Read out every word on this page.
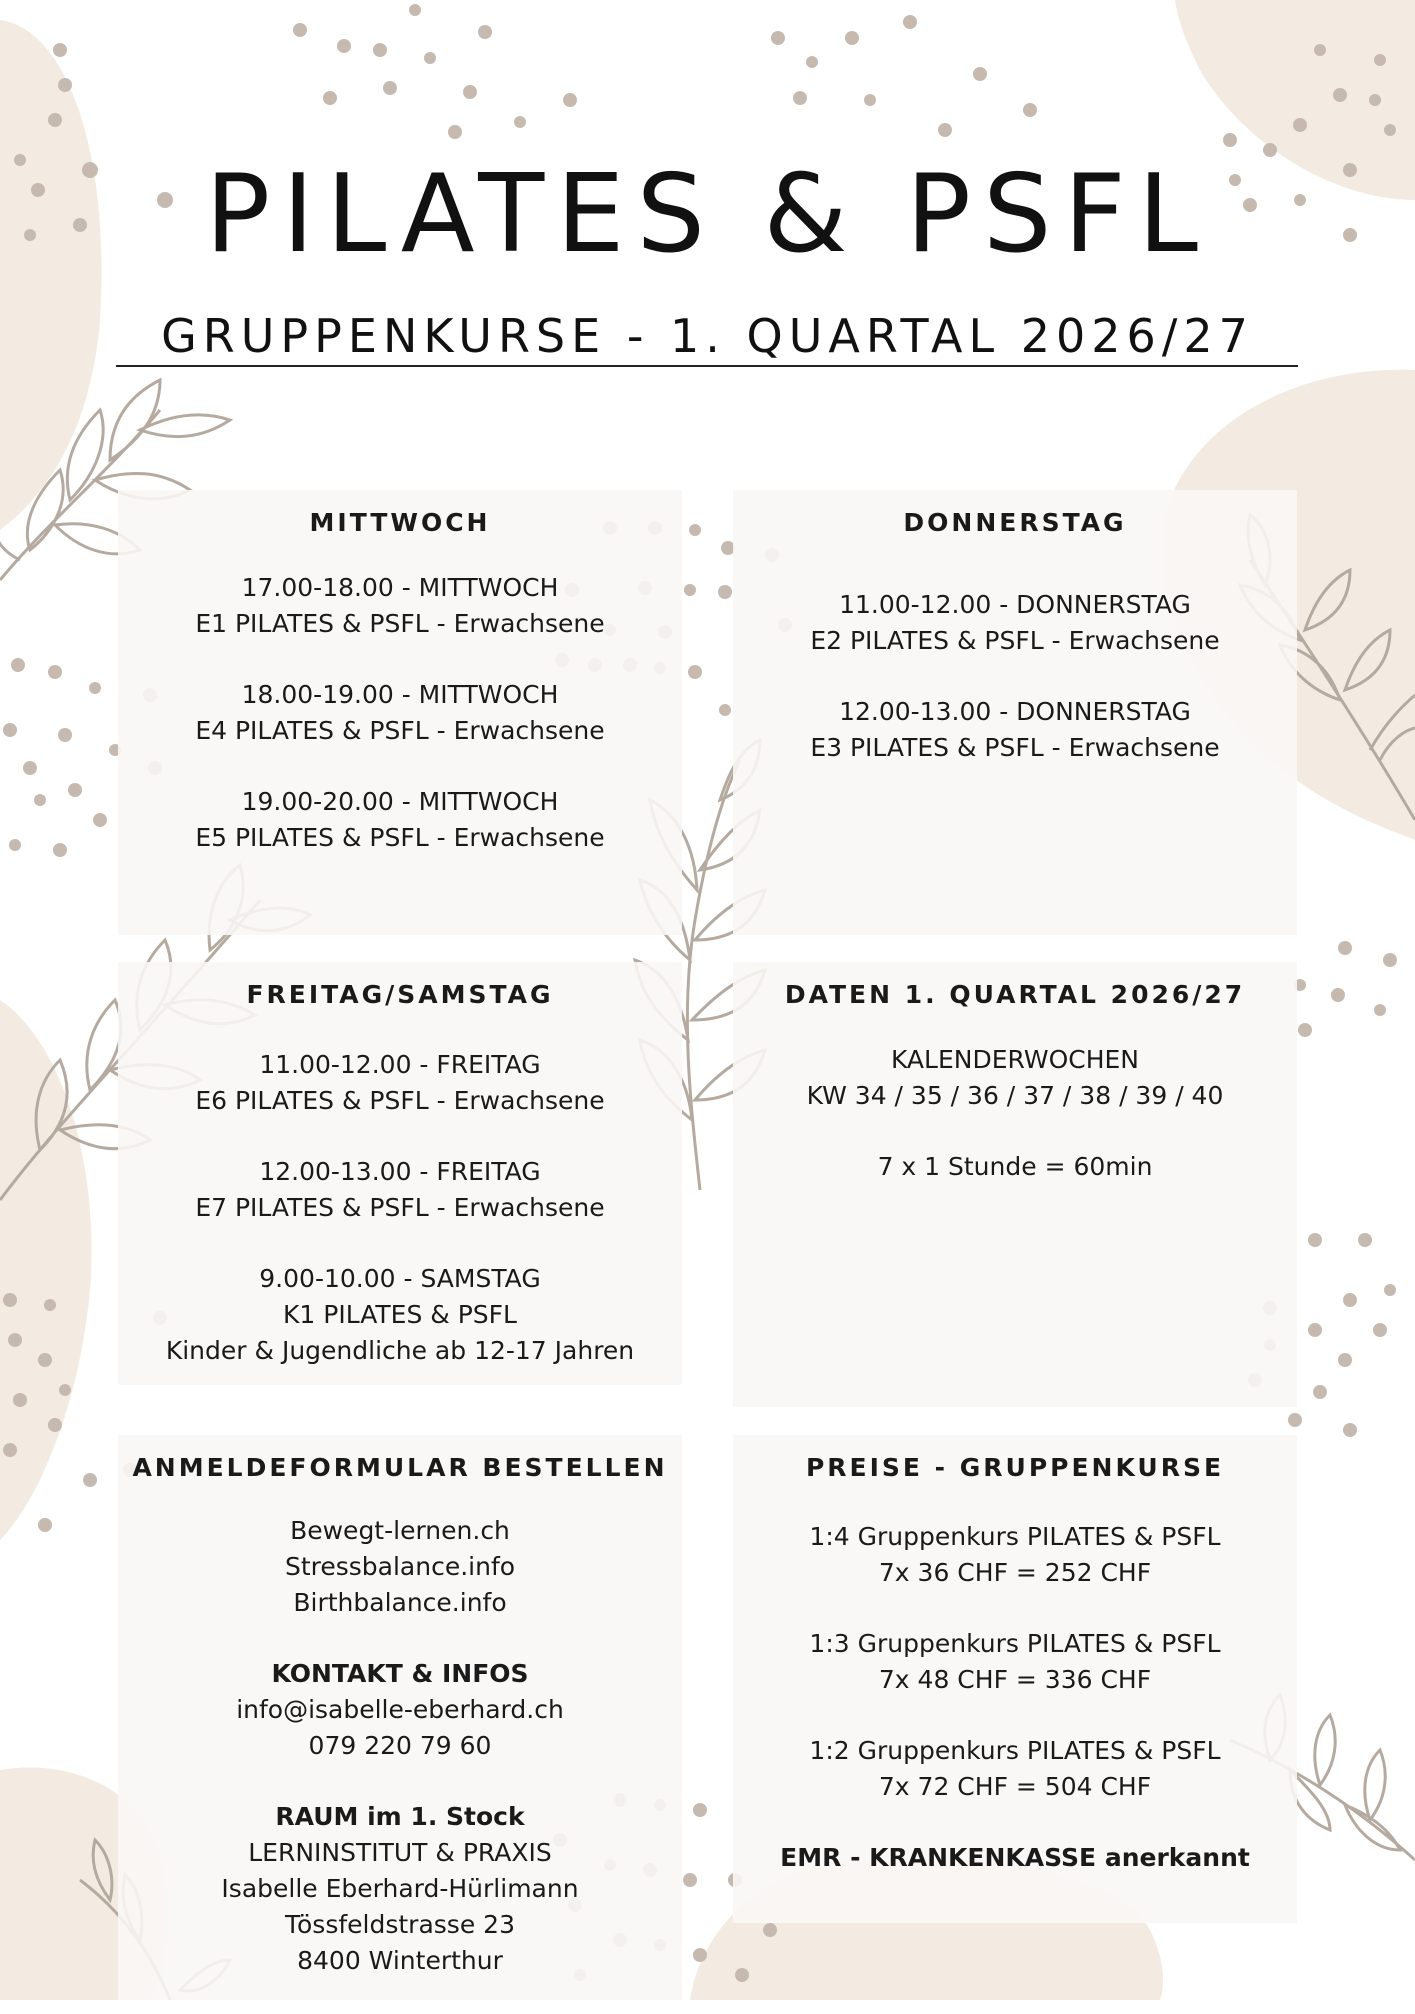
PILATES & PSFL
GRUPPENKURSE - 1. QUARTAL 2026/27
MITTWOCH
17.00-18.00 - MITTWOCH
E1 PILATES & PSFL - Erwachsene
18.00-19.00 - MITTWOCH
E4 PILATES & PSFL - Erwachsene
19.00-20.00 - MITTWOCH
E5 PILATES & PSFL - Erwachsene
DONNERSTAG
11.00-12.00 - DONNERSTAG
E2 PILATES & PSFL - Erwachsene
12.00-13.00 - DONNERSTAG
E3 PILATES & PSFL - Erwachsene
FREITAG/SAMSTAG
11.00-12.00 - FREITAG
E6 PILATES & PSFL - Erwachsene
12.00-13.00 - FREITAG
E7 PILATES & PSFL - Erwachsene
9.00-10.00 - SAMSTAG
K1 PILATES & PSFL
Kinder & Jugendliche ab 12-17 Jahren
DATEN 1. QUARTAL 2026/27
KALENDERWOCHEN
KW 34 / 35 / 36 / 37 / 38 / 39 / 40
7 x 1 Stunde = 60min
ANMELDEFORMULAR BESTELLEN
Bewegt-lernen.ch
Stressbalance.info
Birthbalance.info
KONTAKT & INFOS
info@isabelle-eberhard.ch
079 220 79 60
RAUM im 1. Stock
LERNINSTITUT & PRAXIS
Isabelle Eberhard-Hürlimann
Tössfeldstrasse 23
8400 Winterthur
PREISE - GRUPPENKURSE
1:4 Gruppenkurs PILATES & PSFL
7x 36 CHF = 252 CHF
1:3 Gruppenkurs PILATES & PSFL
7x 48 CHF = 336 CHF
1:2 Gruppenkurs PILATES & PSFL
7x 72 CHF = 504 CHF
EMR - KRANKENKASSE anerkannt
